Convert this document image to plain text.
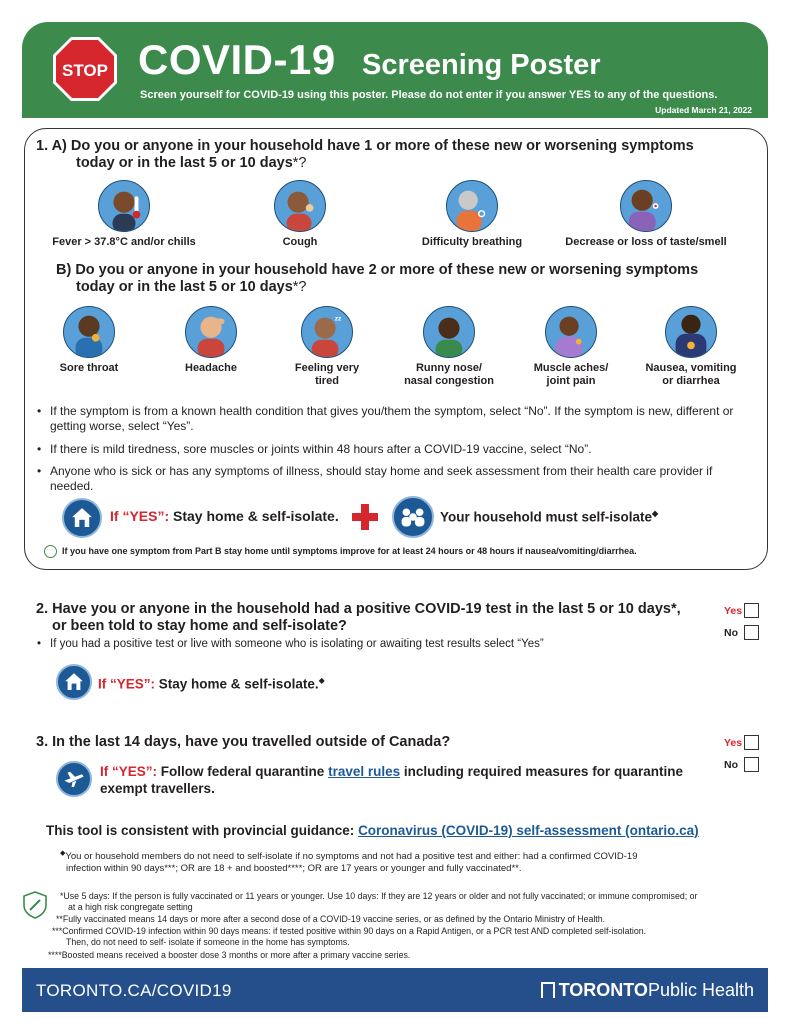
STOP COVID-19 Screening Poster
Screen yourself for COVID-19 using this poster. Please do not enter if you answer YES to any of the questions.
Updated March 21, 2022
1. A) Do you or anyone in your household have 1 or more of these new or worsening symptoms
today or in the last 5 or 10 days*?
Fever > 37.8°C and/or chills	Cough	Difficulty breathing	Decrease or loss of taste/smell
B) Do you or anyone in your household have 2 or more of these new or worsening symptoms
today or in the last 5 or 10 days*?
Sore throat	Headache
zz
Feeling very
tired
Runny nose/
nasal congestion
Muscle aches/
joint pain
Nausea, vomiting
or diarrhea
• If the symptom is from a known health condition that gives you/them the symptom, select “No”. If the symptom is new, different or getting worse, select “Yes”.
• If there is mild tiredness, sore muscles or joints within 48 hours after a COVID-19 vaccine, select “No”.
• Anyone who is sick or has any symptoms of illness, should stay home and seek assessment from their health care provider if needed.
If “YES”: Stay home & self-isolate.	Your household must self-isolate◆
If you have one symptom from Part B stay home until symptoms improve for at least 24 hours or 48 hours if nausea/vomiting/diarrhea.
2. Have you or anyone in the household had a positive COVID-19 test in the last 5 or 10 days*,
or been told to stay home and self-isolate?
• If you had a positive test or live with someone who is isolating or awaiting test results select “Yes”
Yes
No
If “YES”: Stay home & self-isolate.◆
3. In the last 14 days, have you travelled outside of Canada?	Yes
No
If “YES”: Follow federal quarantine travel rules including required measures for quarantine
exempt travellers.
This tool is consistent with provincial guidance: Coronavirus (COVID-19) self-assessment (ontario.ca)
◆You or household members do not need to self-isolate if no symptoms and not had a positive test and either: had a confirmed COVID-19
infection within 90 days***; OR are 18 + and boosted****; OR are 17 years or younger and fully vaccinated**.
*Use 5 days: If the person is fully vaccinated or 11 years or younger. Use 10 days: If they are 12 years or older and not fully vaccinated; or immune compromised; or
at a high risk congregate setting
**Fully vaccinated means 14 days or more after a second dose of a COVID-19 vaccine series, or as defined by the Ontario Ministry of Health.
***Confirmed COVID-19 infection within 90 days means: if tested positive within 90 days on a Rapid Antigen, or a PCR test AND completed self-isolation.
Then, do not need to self- isolate if someone in the home has symptoms.
****Boosted means received a booster dose 3 months or more after a primary vaccine series.
TORONTO.CA/COVID19	TORONTOPublic Health
